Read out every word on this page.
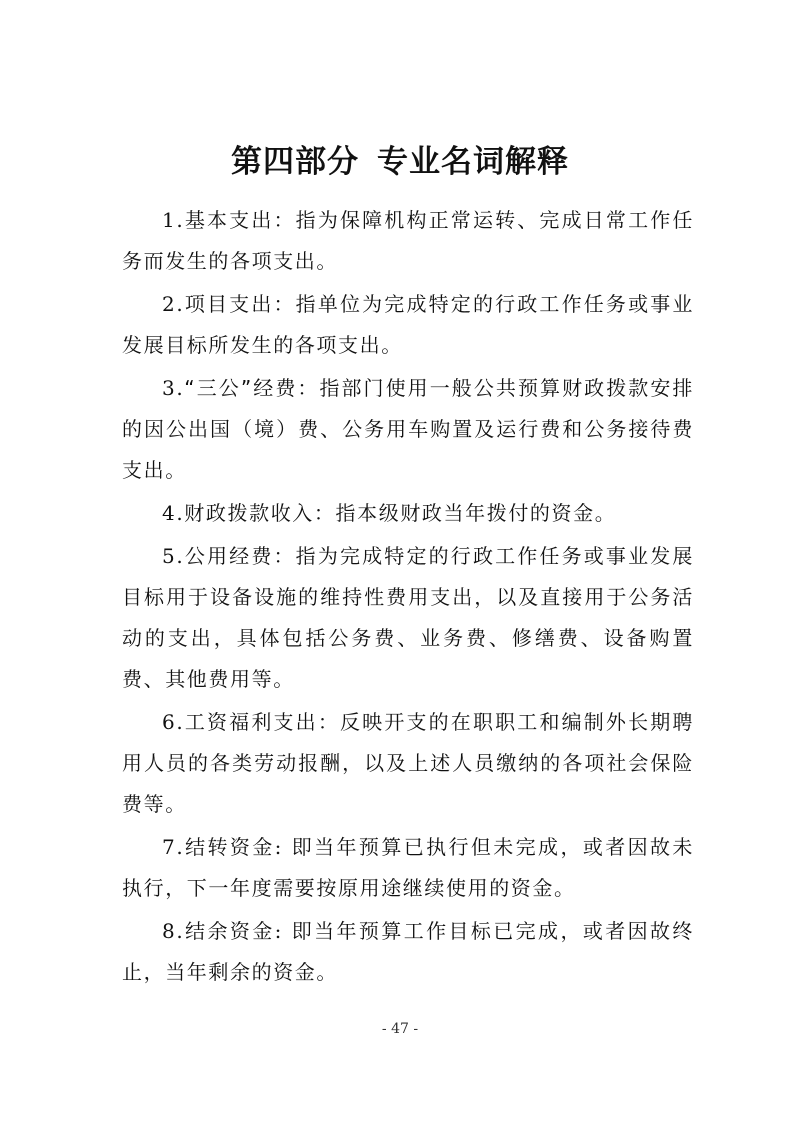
第四部分 专业名词解释

1.基本支出：指为保障机构正常运转、完成日常工作任务而发生的各项支出。

2.项目支出：指单位为完成特定的行政工作任务或事业发展目标所发生的各项支出。

3.“三公”经费：指部门使用一般公共预算财政拨款安排的因公出国（境）费、公务用车购置及运行费和公务接待费支出。

4.财政拨款收入：指本级财政当年拨付的资金。

5.公用经费：指为完成特定的行政工作任务或事业发展目标用于设备设施的维持性费用支出，以及直接用于公务活动的支出，具体包括公务费、业务费、修缮费、设备购置费、其他费用等。

6.工资福利支出：反映开支的在职职工和编制外长期聘用人员的各类劳动报酬，以及上述人员缴纳的各项社会保险费等。

7.结转资金: 即当年预算已执行但未完成，或者因故未执行，下一年度需要按原用途继续使用的资金。

8.结余资金: 即当年预算工作目标已完成，或者因故终止，当年剩余的资金。

- 47 -
